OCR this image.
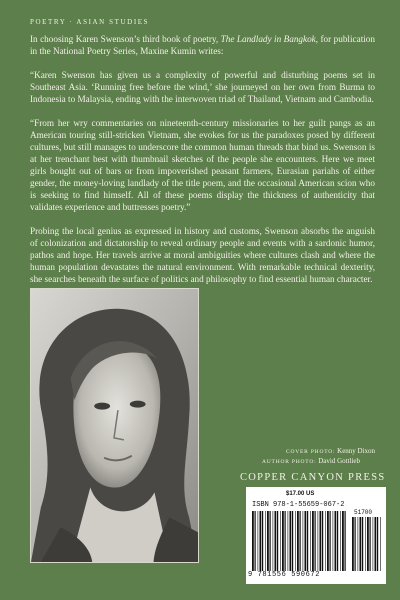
POETRY · ASIAN STUDIES

In choosing Karen Swenson’s third book of poetry, The Landlady in Bangkok, for publication in the National Poetry Series, Maxine Kumin writes:

“Karen Swenson has given us a complexity of powerful and disturbing poems set in Southeast Asia. ‘Running free before the wind,’ she journeyed on her own from Burma to Indonesia to Malaysia, ending with the interwoven triad of Thailand, Vietnam and Cambodia.

“From her wry commentaries on nineteenth-century missionaries to her guilt pangs as an American touring still-stricken Vietnam, she evokes for us the paradoxes posed by different cultures, but still manages to underscore the common human threads that bind us. Swenson is at her trenchant best with thumbnail sketches of the people she encounters. Here we meet girls bought out of bars or from impoverished peasant farmers, Eurasian pariahs of either gender, the money-loving landlady of the title poem, and the occasional American scion who is seeking to find himself. All of these poems display the thickness of authenticity that validates experience and buttresses poetry.”

Probing the local genius as expressed in history and customs, Swenson absorbs the anguish of colonization and dictatorship to reveal ordinary people and events with a sardonic humor, pathos and hope. Her travels arrive at moral ambiguities where cultures clash and where the human population devastates the natural environment. With remarkable technical dexterity, she searches beneath the surface of politics and philosophy to find essential human character.

COVER PHOTO: Kenny Dixon
AUTHOR PHOTO: David Gottlieb
COPPER CANYON PRESS
$17.00 US
ISBN 978-1-55659-067-2
51700
9 781556 590672
